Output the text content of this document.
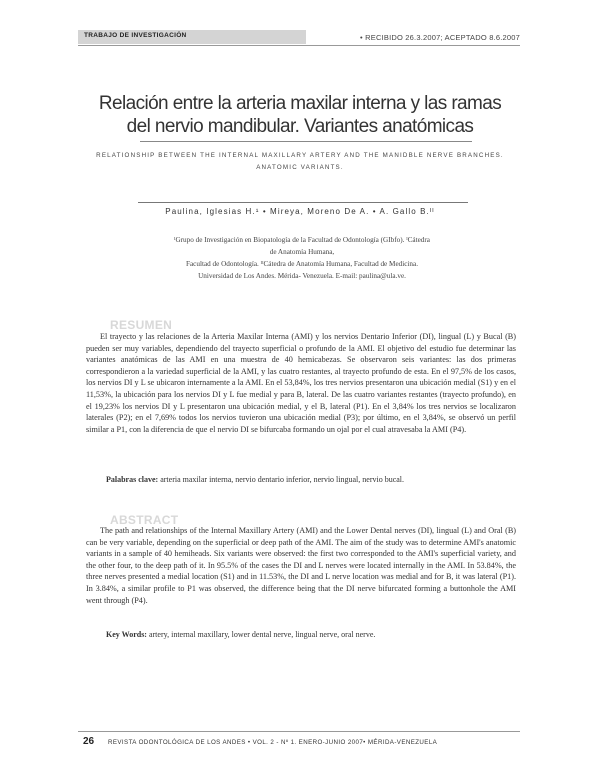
TRABAJO DE INVESTIGACIÓN	• RECIBIDO 26.3.2007; ACEPTADO 8.6.2007
Relación entre la arteria maxilar interna y las ramas
del nervio mandibular. Variantes anatómicas
RELATIONSHIP BETWEEN THE INTERNAL MAXILLARY ARTERY AND THE MANIDBLE NERVE BRANCHES.
ANATOMIC VARIANTS.
Paulina, Iglesias H.¹ • Mireya, Moreno De A. • A. Gallo B.ᴵᴵ
ᴵGrupo de Investigación en Biopatología de la Facultad de Odontología (GIbfo). ᴵCátedra de Anatomía Humana,
Facultad de Odontología. ᴵᴵCátedra de Anatomía Humana, Facultad de Medicina.
Universidad de Los Andes. Mérida- Venezuela. E-mail: paulina@ula.ve.
RESUMEN
El trayecto y las relaciones de la Arteria Maxilar Interna (AMI) y los nervios Dentario Inferior (DI), lingual (L) y Bucal (B) pueden ser muy variables, dependiendo del trayecto superficial o profundo de la AMI. El objetivo del estudio fue determinar las variantes anatómicas de las AMI en una muestra de 40 hemicabezas. Se observaron seis variantes: las dos primeras correspondieron a la variedad superficial de la AMI, y las cuatro restantes, al trayecto profundo de esta. En el 97,5% de los casos, los nervios DI y L se ubicaron internamente a la AMI. En el 53,84%, los tres nervios presentaron una ubicación medial (S1) y en el 11,53%, la ubicación para los nervios DI y L fue medial y para B, lateral. De las cuatro variantes restantes (trayecto profundo), en el 19,23% los nervios DI y L presentaron una ubicación medial, y el B, lateral (P1). En el 3,84% los tres nervios se localizaron laterales (P2); en el 7,69% todos los nervios tuvieron una ubicación medial (P3); por último, en el 3,84%, se observó un perfil similar a P1, con la diferencia de que el nervio DI se bifurcaba formando un ojal por el cual atravesaba la AMI (P4).
Palabras clave: arteria maxilar interna, nervio dentario inferior, nervio lingual, nervio bucal.
ABSTRACT
The path and relationships of the Internal Maxillary Artery (AMI) and the Lower Dental nerves (DI), lingual (L) and Oral (B) can be very variable, depending on the superficial or deep path of the AMI. The aim of the study was to determine AMI's anatomic variants in a sample of 40 hemiheads. Six variants were observed: the first two corresponded to the AMI's superficial variety, and the other four, to the deep path of it. In 95.5% of the cases the DI and L nerves were located internally in the AMI. In 53.84%, the three nerves presented a medial location (S1) and in 11.53%, the DI and L nerve location was medial and for B, it was lateral (P1). In 3.84%, a similar profile to P1 was observed, the difference being that the DI nerve bifurcated forming a buttonhole the AMI went through (P4).
Key Words: artery, internal maxillary, lower dental nerve, lingual nerve, oral nerve.
26 REVISTA ODONTOLÓGICA DE LOS ANDES • VOL. 2 - Nº 1. ENERO-JUNIO 2007• MÉRIDA-VENEZUELA
